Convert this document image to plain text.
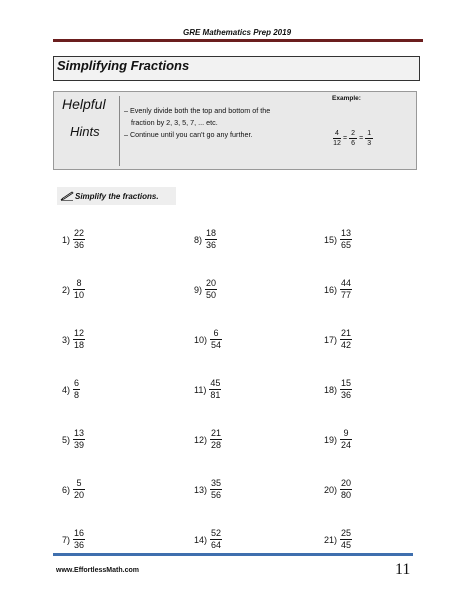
GRE Mathematics Prep 2019
Simplifying Fractions
Helpful
Hints
– Evenly divide both the top and bottom of the
fraction by 2, 3, 5, 7, ... etc.
– Continue until you can't go any further.
Example:
$\frac{4}{12} = \frac{2}{6} = \frac{1}{3}$
Simplify the fractions.
$1) \frac{22}{36}$
$2) \frac{8}{10}$
$3) \frac{12}{18}$
$4) \frac{6}{8}$
$5) \frac{13}{39}$
$6) \frac{5}{20}$
$7) \frac{16}{36}$
$8) \frac{18}{36}$
$9) \frac{20}{50}$
$10) \frac{6}{54}$
$11) \frac{45}{81}$
$12) \frac{21}{28}$
$13) \frac{35}{56}$
$14) \frac{52}{64}$
$15) \frac{13}{65}$
$16) \frac{44}{77}$
$17) \frac{21}{42}$
$18) \frac{15}{36}$
$19) \frac{9}{24}$
$20) \frac{20}{80}$
$21) \frac{25}{45}$
www.EffortlessMath.com	11
